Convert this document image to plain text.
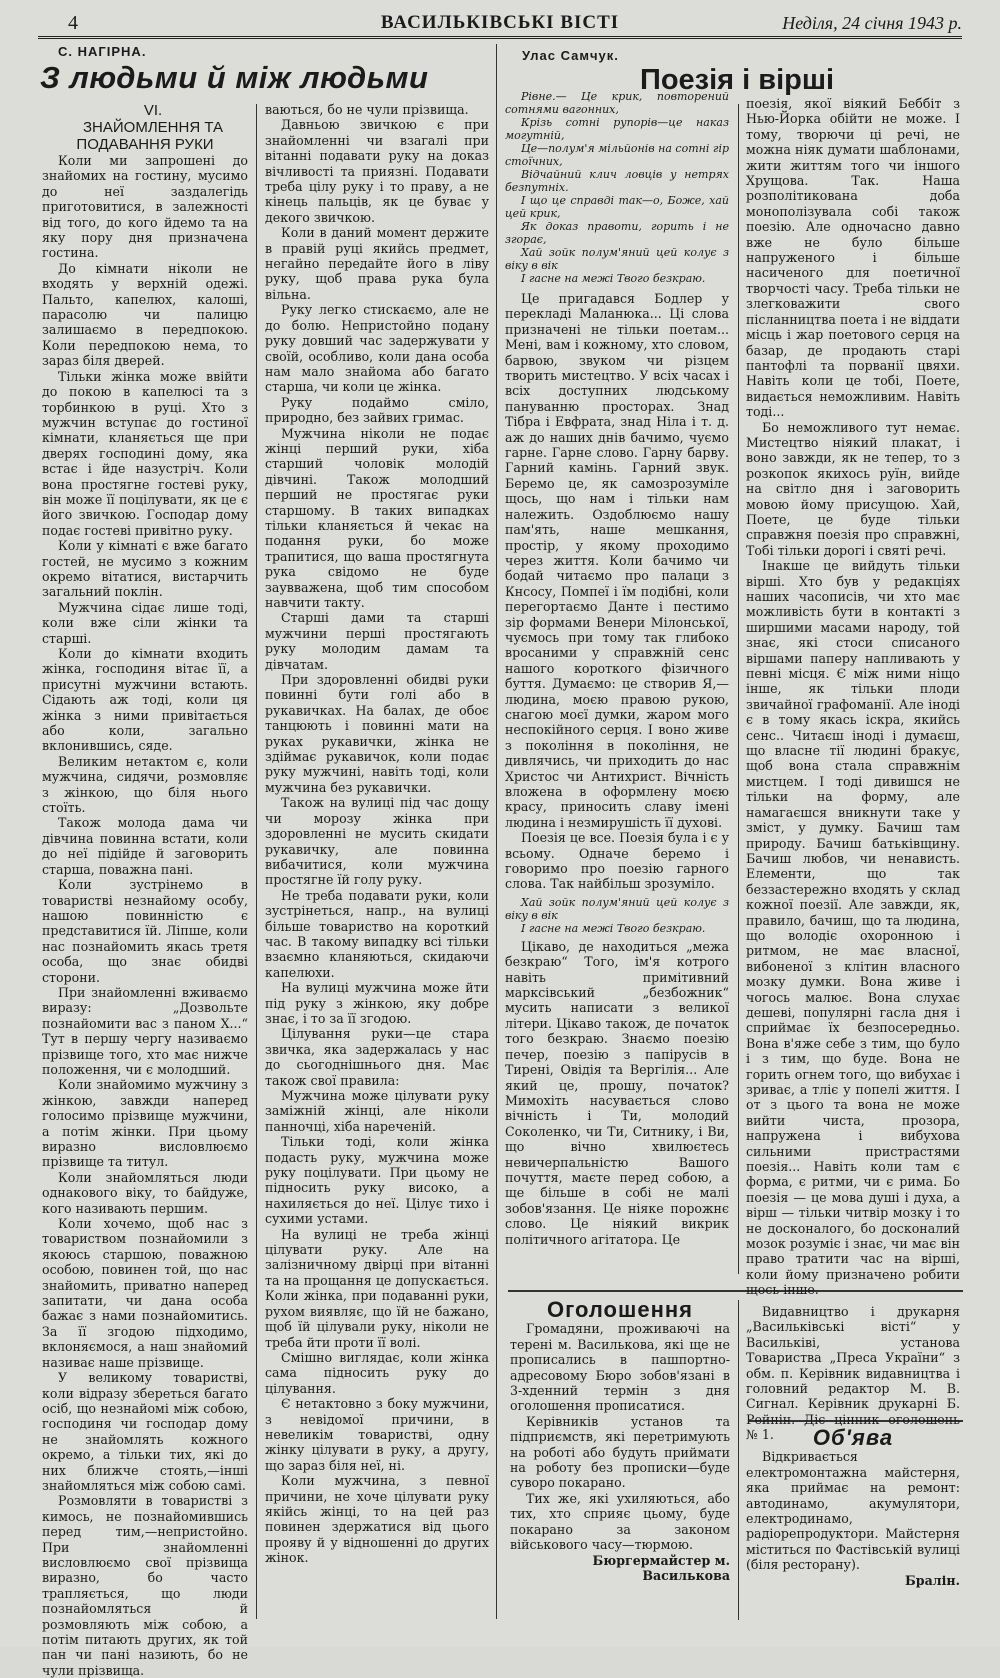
4	ВАСИЛЬКІВСЬКІ ВІСТІ	Неділя, 24 січня 1943 р.
С. НАГІРНА.
З людьми й між людьми

VI.

ЗНАЙОМЛЕННЯ ТА ПОДАВАННЯ РУКИ

Коли ми запрошені до знайомих на гостину, мусимо до неї заздалегідь приготовитися, в залежності від того, до кого йдемо та на яку пору дня призначена гостина.

До кімнати ніколи не входять у верхній одежі. Пальто, капелюх, калоші, парасолю чи палицю залишаємо в передпокою. Коли передпокою нема, то зараз біля дверей.

Тільки жінка може ввійти до покою в капелюсі та з торбинкою в руці. Хто з мужчин вступає до гостиної кімнати, кланяється ще при дверях господині дому, яка встає і йде назустріч. Коли вона простягне гостеві руку, він може її поцілувати, як це є його звичкою. Господар дому подає гостеві привітно руку.

Коли у кімнаті є вже багато гостей, не мусимо з кожним окремо вітатися, вистарчить загальний поклін.

Мужчина сідає лише тоді, коли вже сіли жінки та старші.

Коли до кімнати входить жінка, господиня вітає її, а присутні мужчини встають. Сідають аж тоді, коли ця жінка з ними привітається або коли, загально вклонившись, сяде.

Великим нетактом є, коли мужчина, сидячи, розмовляє з жінкою, що біля нього стоїть.

Також молода дама чи дівчина повинна встати, коли до неї підійде й заговорить старша, поважна пані.

Коли зустрінемо в товаристві незнайому особу, нашою повинністю є представитися їй. Ліпше, коли нас познайомить якась третя особа, що знає обидві сторони.

При знайомленні вживаємо виразу: „Дозвольте познайомити вас з паном Х...“ Тут в першу чергу називаємо прізвище того, хто має нижче положення, чи є молодший.

Коли знайомимо мужчину з жінкою, завжди наперед голосимо прізвище мужчини, а потім жінки. При цьому виразно висловлюємо прізвище та титул.

Коли знайомляться люди однакового віку, то байдуже, кого називають першим.

Коли хочемо, щоб нас з товариством познайомили з якоюсь старшою, поважною особою, повинен той, що нас знайомить, приватно наперед запитати, чи дана особа бажає з нами познайомитись. За її згодою підходимо, вклоняємося, а наш знайомий називає наше прізвище.

У великому товаристві, коли відразу збереться багато осіб, що незнайомі між собою, господиня чи господар дому не знайомлять кожного окремо, а тільки тих, які до них ближче стоять,—інші знайомляться між собою самі.

Розмовляти в товаристві з кимось, не познайомившись перед тим,—непристойно. При знайомленні висловлюємо свої прізвища виразно, бо часто трапляється, що люди познайомляться й розмовляють між собою, а потім питають других, як той пан чи пані назиють, бо не чули прізвища.

ваються, бо не чули прізвища.

Давньою звичкою є при знайомленні чи взагалі при вітанні подавати руку на доказ вічливості та приязні. Подавати треба цілу руку і то праву, а не кінець пальців, як це буває у декого звичкою.

Коли в даний момент держите в правій руці якийсь предмет, негайно передайте його в ліву руку, щоб права рука була вільна.

Руку легко стискаємо, але не до болю. Непристойно подану руку довший час задержувати у своїй, особливо, коли дана особа нам мало знайома або багато старша, чи коли це жінка.

Руку подаймо сміло, природно, без зайвих гримас.

Мужчина ніколи не подає жінці перший руки, хіба старший чоловік молодій дівчині. Також молодший перший не простягає руки старшому. В таких випадках тільки кланяється й чекає на подання руки, бо може трапитися, що ваша простягнута рука свідомо не буде заувважена, щоб тим способом навчити такту.

Старші дами та старші мужчини перші простягають руку молодим дамам та дівчатам.

При здоровленні обидві руки повинні бути голі або в рукавичках. На балах, де обоє танцюють і повинні мати на руках рукавички, жінка не здіймає рукавичок, коли подає руку мужчині, навіть тоді, коли мужчина без рукавички.

Також на вулиці під час дощу чи морозу жінка при здоровленні не мусить скидати рукавичку, але повинна вибачитися, коли мужчина простягне їй голу руку.

Не треба подавати руки, коли зустрінеться, напр., на вулиці більше товариство на короткий час. В такому випадку всі тільки взаємно кланяються, скидаючи капелюхи.

На вулиці мужчина може йти під руку з жінкою, яку добре знає, і то за її згодою.

Цілування руки—це стара звичка, яка задержалась у нас до сьогоднішнього дня. Має також свої правила:

Мужчина може цілувати руку заміжній жінці, але ніколи панночці, хіба нареченій.

Тільки тоді, коли жінка подасть руку, мужчина може руку поцілувати. При цьому не підносить руку високо, а нахиляється до неї. Цілує тихо і сухими устами.

На вулиці не треба жінці цілувати руку. Але на залізничному двірці при вітанні та на прощання це допускається. Коли жінка, при подаванні руки, рухом виявляє, що їй не бажано, щоб їй цілували руку, ніколи не треба йти проти її волі.

Смішно виглядає, коли жінка сама підносить руку до цілування.

Є нетактовно з боку мужчини, з невідомої причини, в невеликім товаристві, одну жінку цілувати в руку, а другу, що зараз біля неї, ні.

Коли мужчина, з певної причини, не хоче цілувати руку якійсь жінці, то на цей раз повинен здержатися від цього прояву й у відношенні до других жінок.

Улас Самчук.
Поезія і вірші

Рівне.— Це крик, повторений сотнями вагонних,

Крізь сотні рупорів—це наказ могутній,

Це—полум'я мільйонів на сотні гір стоїчних,

Відчайний клич ловців у нетрях безпутніх.

І що це справді так—о, Боже, хай цей крик,

Як доказ правоти, горить і не згорає,

Хай зойк полум'яний цей колує з віку в вік

І гасне на межі Твого безкраю.

Це пригадався Бодлер у перекладі Маланюка... Ці слова призначені не тільки поетам... Мені, вам і кожному, хто словом, барвою, звуком чи різцем творить мистецтво. У всіх часах і всіх доступних людському пануванню просторах. Знад Тібра і Евфрата, знад Ніла і т. д. аж до наших днів бачимо, чуємо гарне. Гарне слово. Гарну барву. Гарний камінь. Гарний звук. Беремо це, як самозрозуміле щось, що нам і тільки нам належить. Оздоблюємо нашу пам'ять, наше мешкання, простір, у якому проходимо через життя. Коли бачимо чи бодай читаємо про палаци з Кнсосу, Помпеї і їм подібні, коли перегортаємо Данте і пестимо зір формами Венери Мілонської, чуємось при тому так глибоко вросаними у справжній сенс нашого короткого фізичного буття. Думаємо: це створив Я,—людина, моєю правою рукою, снагою моєї думки, жаром мого неспокійного серця. І воно живе з покоління в покоління, не дивлячись, чи приходить до нас Христос чи Антихрист. Вічність вложена в оформлену моєю красу, приносить славу імені людина і незмирушість її духові.

Поезія це все. Поезія була і є у всьому. Одначе беремо і говоримо про поезію гарного слова. Так найбільш зрозуміло.

Хай зойк полум'яний цей колує з віку в вік

І гасне на межі Твого безкраю.

Цікаво, де находиться „межа безкраю“ Того, ім'я котрого навіть примітивний марксівський „безбожник“ мусить написати з великої літери. Цікаво також, де початок того безкраю. Знаємо поезію печер, поезію з папірусів в Тирені, Овідія та Вергілія... Але який це, прошу, початок? Мимохіть насувається слово вічність і Ти, молодий Соколенко, чи Ти, Ситнику, і Ви, що вічно хвилюєтесь невичерпальністю Вашого почуття, маєте перед собою, а ще більше в собі не малі зобов'язання. Це ніяке порожнє слово. Це ніякий викрик політичного агітатора. Це

поезія, якої віякий Беббіт з Нью-Йорка обійти не може. І тому, творючи ці речі, не можна ніяк думати шаблонами, жити життям того чи іншого Хрущова. Так. Наша розполітикована доба монополізувала собі також поезію. Але одночасно давно вже не було більше напруженого і більше насиченого для поетичної творчості часу. Треба тільки не злегковажити свого післанництва поета і не віддати місць і жар поетового серця на базар, де продають старі пантофлі та порванії цвяхи. Навіть коли це тобі, Поете, видається неможливим. Навіть тоді...

Бо неможливого тут немає. Мистецтво ніякий плакат, і воно завжди, як не тепер, то з розкопок якихось руїн, вийде на світло дня і заговорить мовою йому присущою. Хай, Поете, це буде тільки справжня поезія про справжні, Тобі тільки дорогі і святі речі.

Інакше це вийдуть тільки вірші. Хто був у редакціях наших часописів, чи хто має можливість бути в контакті з ширшими масами народу, той знає, які стоси списаного віршами паперу напливають у певні місця. Є між ними ніщо інше, як тільки плоди звичайної графоманії. Але іноді є в тому якась іскра, якийсь сенс.. Читаєш іноді і думаєш, що власне тії людині бракує, щоб вона стала справжнім мистцем. І тоді дивишся не тільки на форму, але намагаєшся вникнути таке у зміст, у думку. Бачиш там природу. Бачиш батьківщину. Бачиш любов, чи ненависть. Елементи, що так беззастережно входять у склад кожної поезії. Але завжди, як, правило, бачиш, що та людина, що володіє охоронною і ритмом, не має власної, вибоненої з клітин власного мозку думки. Вона живе і чогось малює. Вона слухає дешеві, популярні гасла дня і сприймає їх безпосередньо. Вона в'яже себе з тим, що було і з тим, що буде. Вона не горить огнем того, що вибухає і зриває, а тліє у попелі життя. І от з цього та вона не може вийти чиста, прозора, напружена і вибухова сильними пристрастями поезія... Навіть коли там є форма, є ритми, чи є рима. Бо поезія — це мова душі і духа, а вірш — тільки читвір мозку і то не досконалого, бо досконалий мозок розуміє і знає, чи має він право тратити час на вірші, коли йому призначено робити щось інше.

Оголошення

Громадяни, проживаючі на терені м. Василькова, які ще не прописались в пашпортно-адресовому Бюро зобов'язані в 3-хденний термін з дня оголошення прописатися.

Керівників установ та підприємств, які перетримують на роботі або будуть приймати на роботу без прописки—буде суворо покарано.

Тих же, які ухиляються, або тих, хто сприяє цьому, буде покарано за законом військового часу—тюрмою.

Бюргермайстер м. Василькова

Видавництво і друкарня „Васильківські вісті“ у Васильківі, установа Товариства „Преса України“ з обм. п. Керівник видавництва і головний редактор М. В. Сигнал. Керівник друкарні Б. Рейнін. Діє цінник оголошень № 1.	Об'ява

Відкривається електромонтажна майстерня, яка приймає на ремонт: автодинамо, акумулятори, електродинамо, радіорепродуктори. Майстерня міститься по Фастівській вулиці (біля ресторану).

Бралін.
